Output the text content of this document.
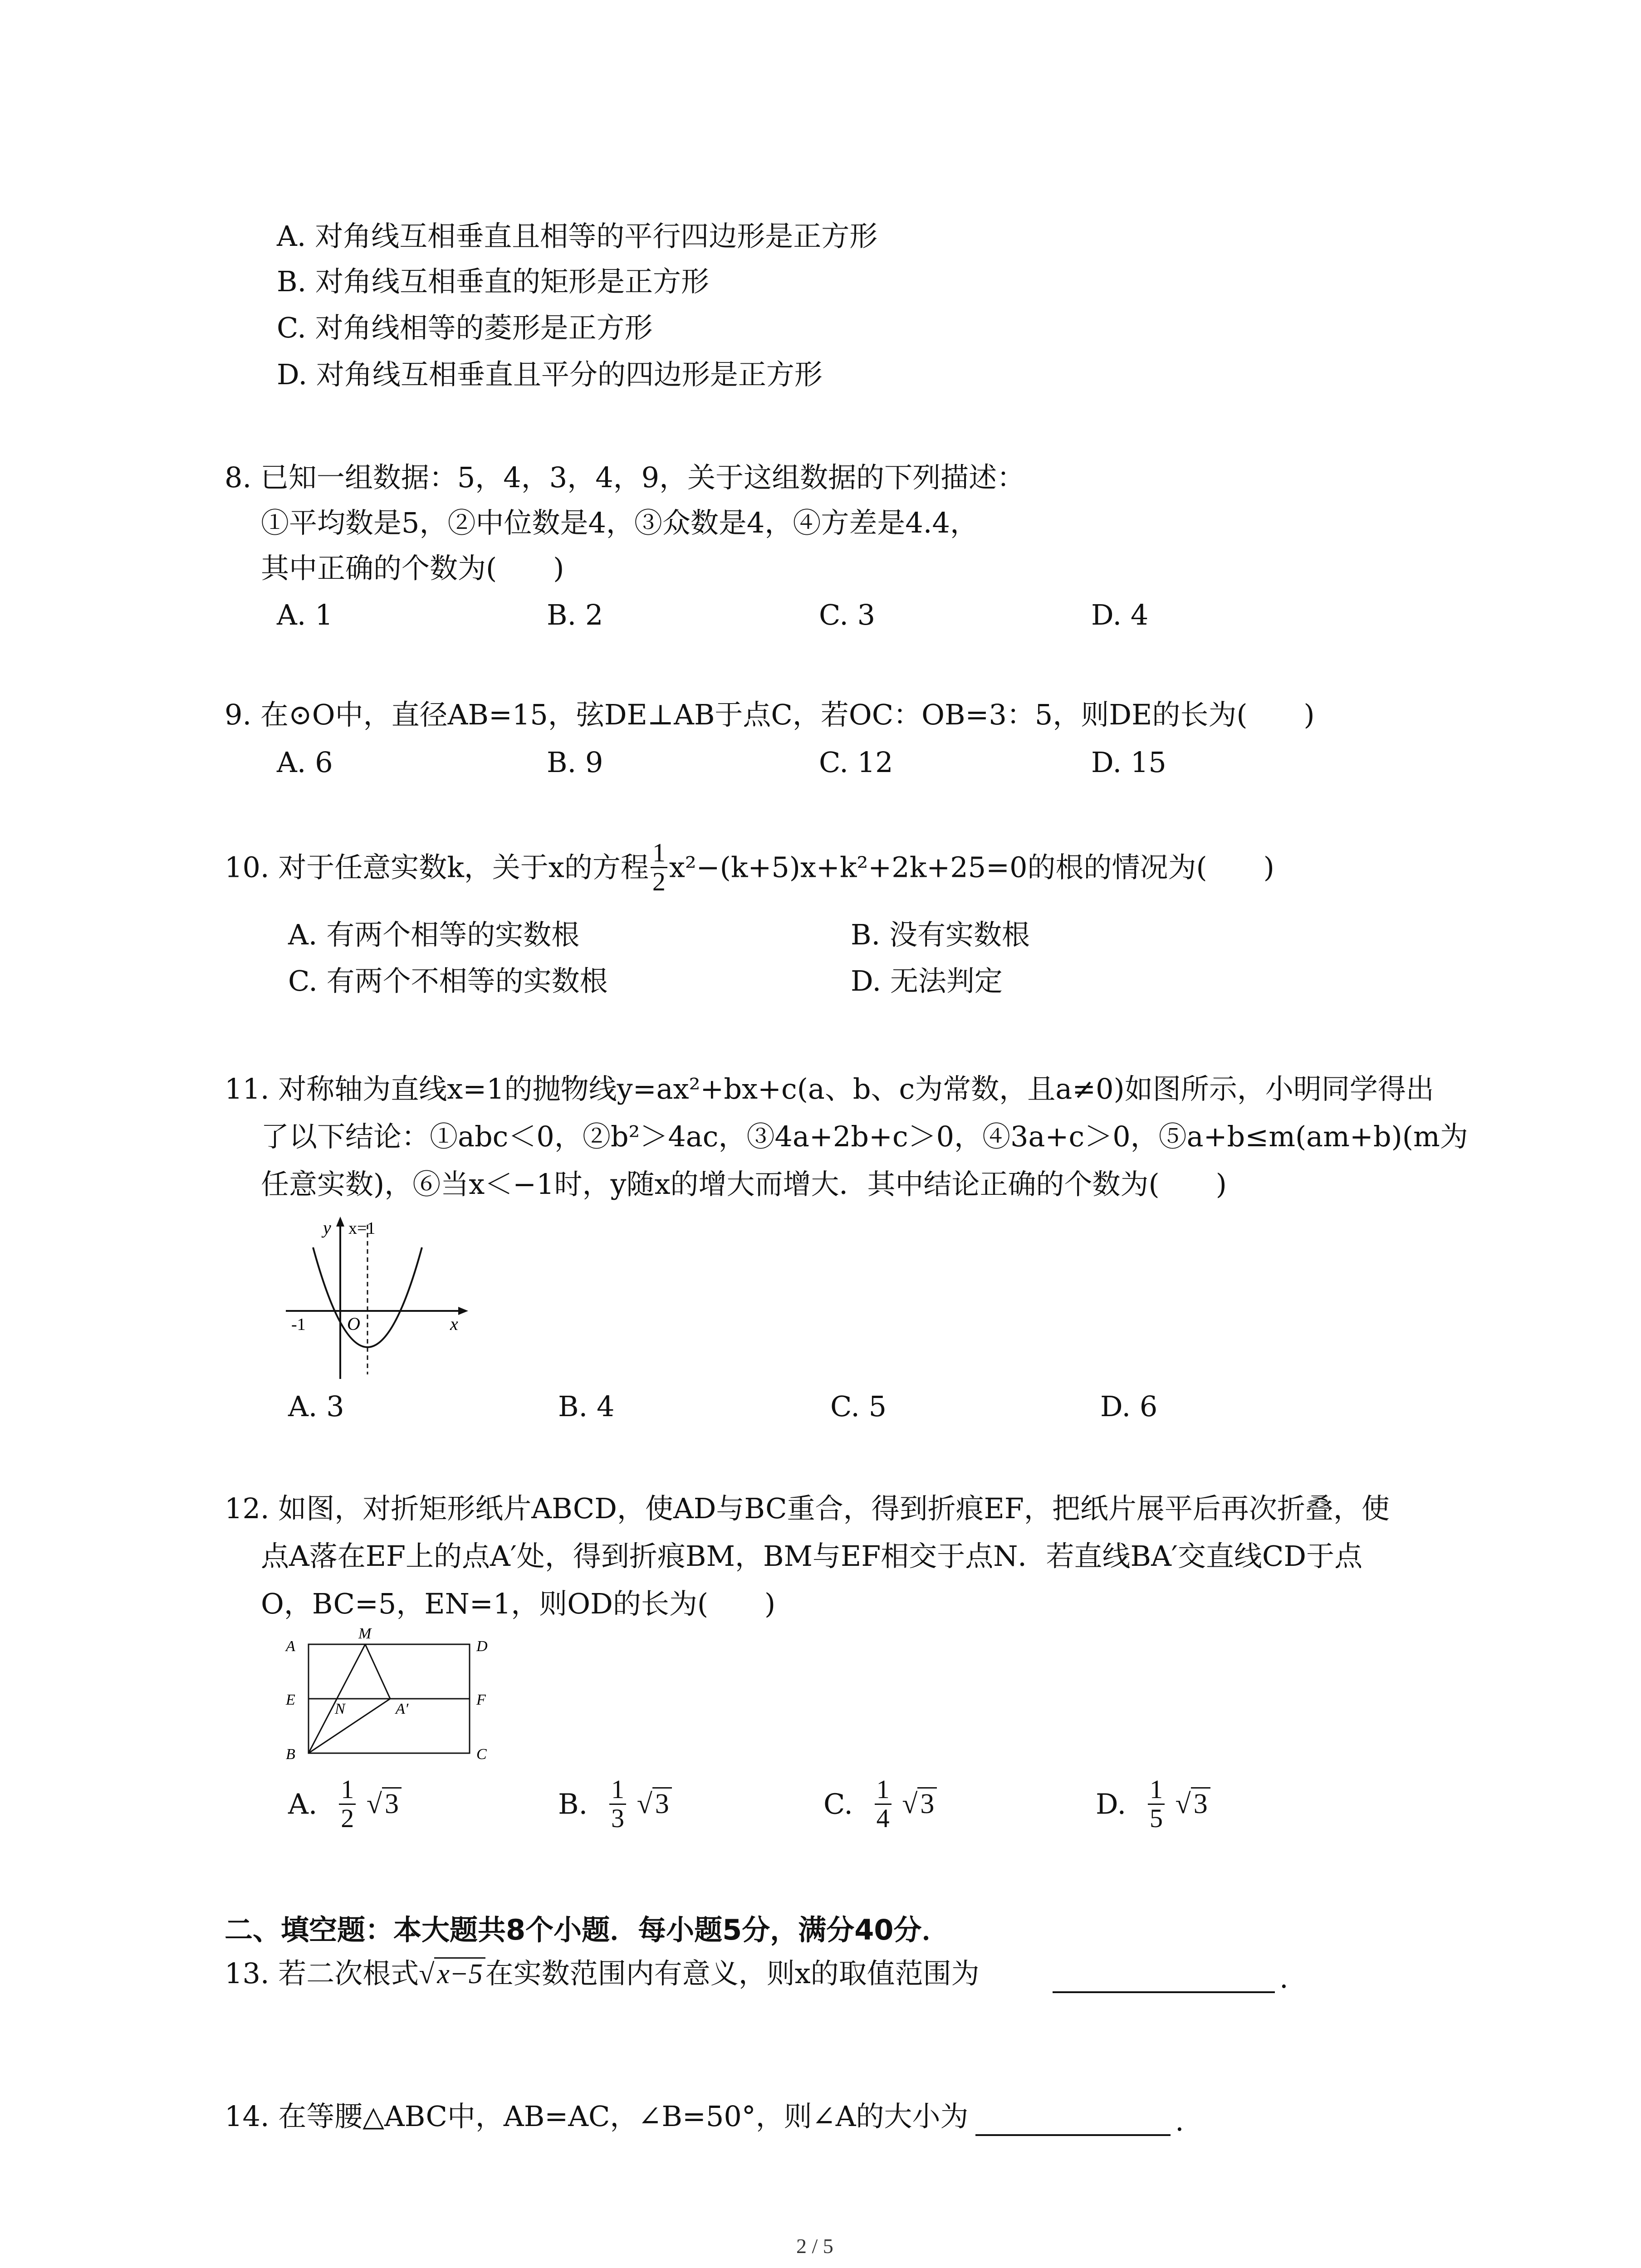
A. 对角线互相垂直且相等的平行四边形是正方形
B. 对角线互相垂直的矩形是正方形
C. 对角线相等的菱形是正方形
D. 对角线互相垂直且平分的四边形是正方形
8. 已知一组数据：5，4，3，4，9，关于这组数据的下列描述：
①平均数是5，②中位数是4，③众数是4，④方差是4.4，
其中正确的个数为(　　)
A. 1	B. 2	C. 3	D. 4
9. 在⊙O中，直径AB=15，弦DE⊥AB于点C，若OC：OB=3：5，则DE的长为(　　)
A. 6	B. 9	C. 12	D. 15
10. 对于任意实数k，关于x的方程 $\frac{1}{2} x^2-(k+5)x+k^2+2k+25=0$的根的情况为(　　)
A. 有两个相等的实数根	B. 没有实数根
C. 有两个不相等的实数根	D. 无法判定
11. 对称轴为直线x=1的抛物线y=ax²+bx+c(a、b、c为常数，且a≠0)如图所示，小明同学得出
了以下结论：①abc＜0，②b²＞4ac，③4a+2b+c＞0，④3a+c＞0，⑤a+b≤m(am+b)(m为
任意实数)，⑥当x＜−1时，y随x的增大而增大．其中结论正确的个数为(　　)
y x=1
-1 O	x
A. 3	B. 4	C. 5	D. 6
12. 如图，对折矩形纸片ABCD，使AD与BC重合，得到折痕EF，把纸片展平后再次折叠，使
点A落在EF上的点A′处，得到折痕BM，BM与EF相交于点N．若直线BA′交直线CD于点
O，BC=5，EN=1，则OD的长为(　　)
A
M
D
E	F
N	A′
B	C
A. $\frac{1}{2} √3$	B. $\frac{1}{3} √3$	C. $\frac{1}{4} √3$	D. $\frac{1}{5} √3$
二、填空题：本大题共8个小题．每小题5分，满分40分．
13. 若二次根式√x−5在实数范围内有意义，则x的取值范围为	.
14. 在等腰△ABC中，AB=AC，∠B=50°，则∠A的大小为	.
2 / 5
